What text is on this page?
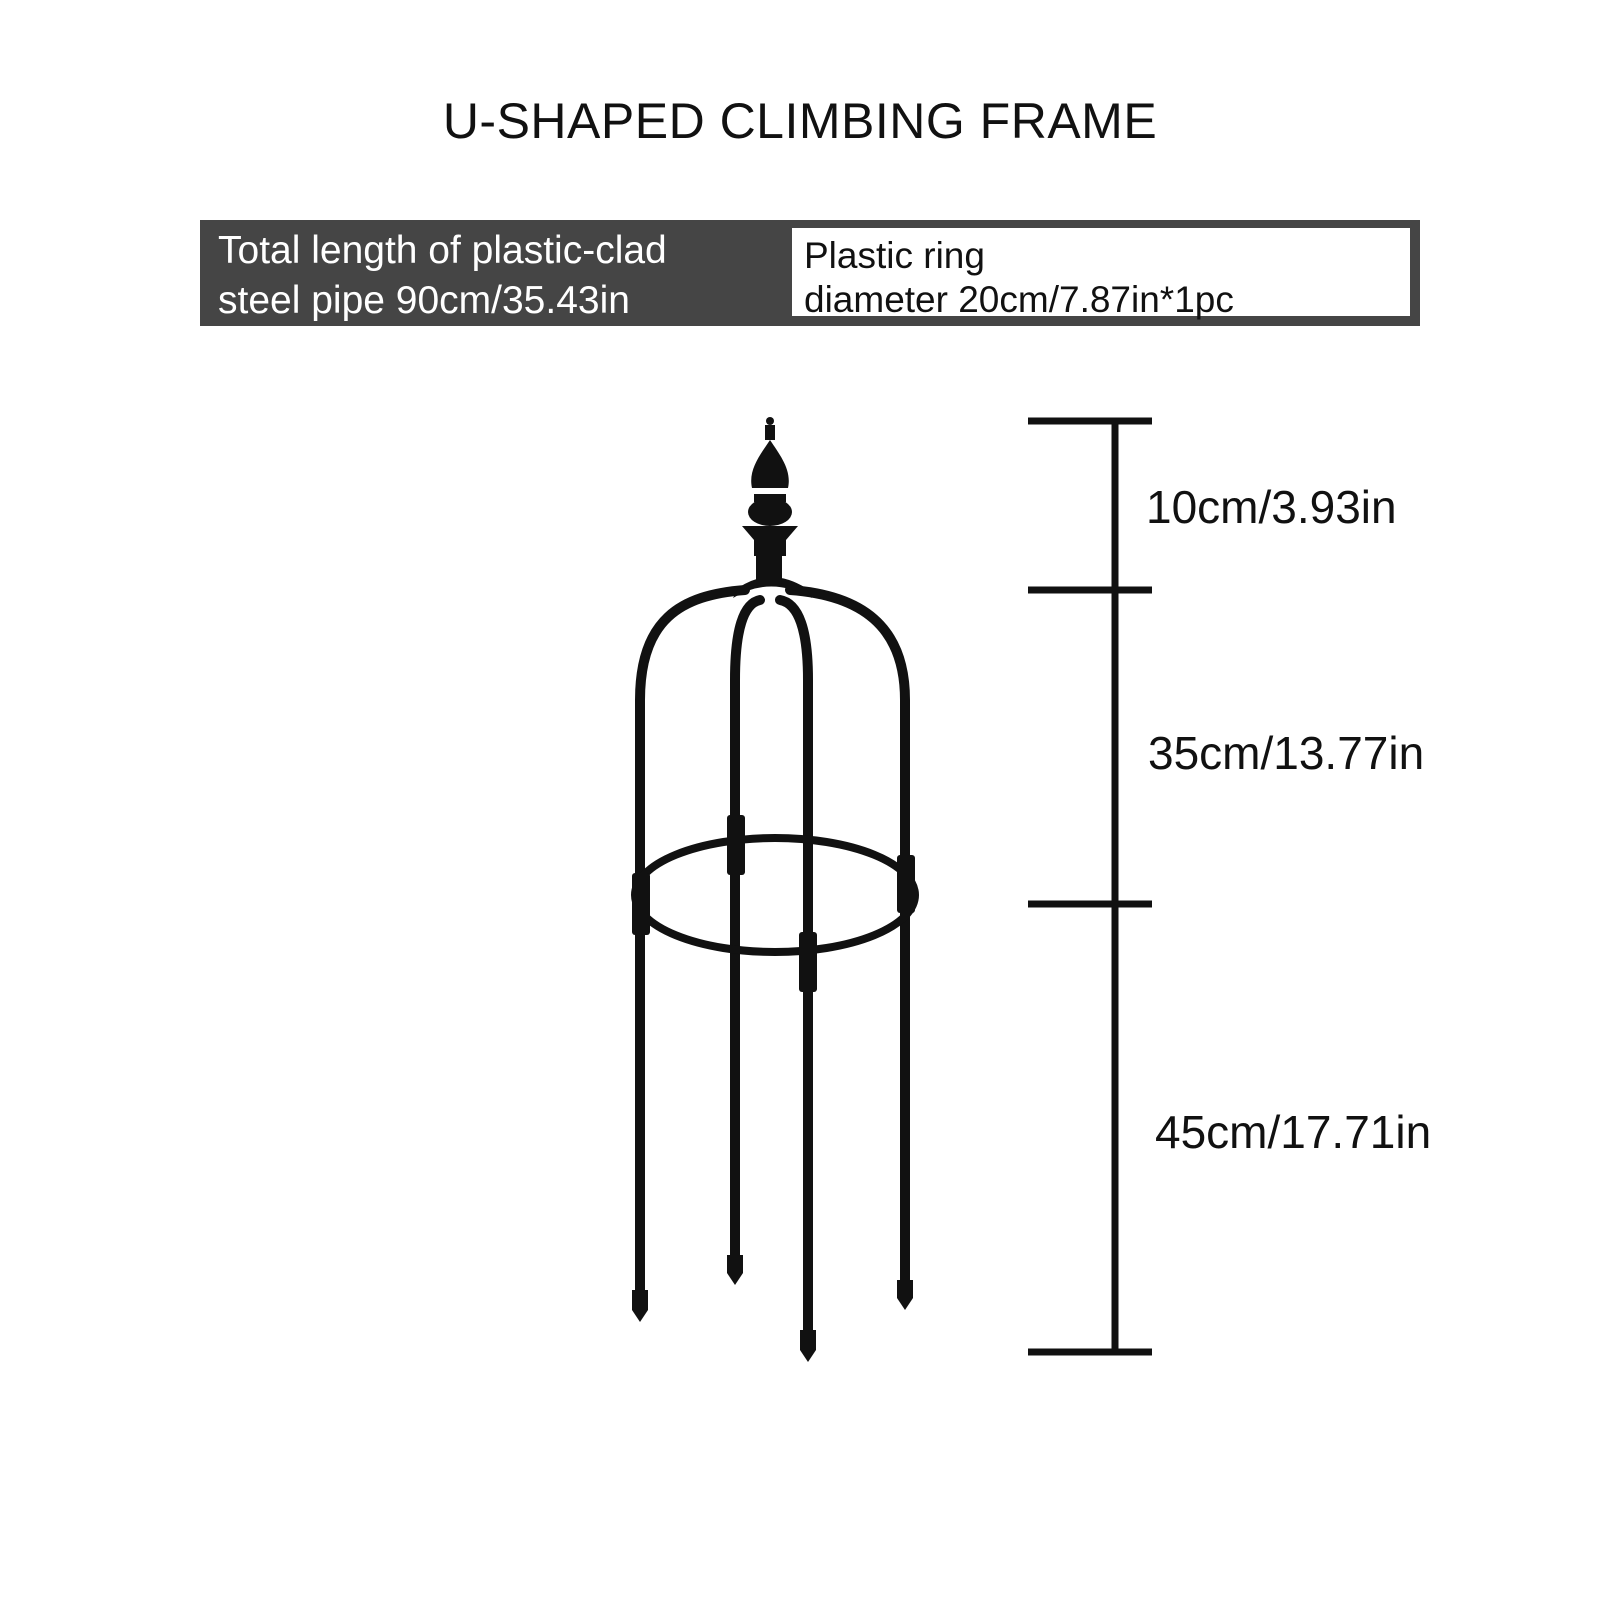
U-SHAPED CLIMBING FRAME
Total length of plastic-clad
steel pipe 90cm/35.43in
Plastic ring
diameter 20cm/7.87in*1pc
10cm/3.93in
35cm/13.77in
45cm/17.71in
